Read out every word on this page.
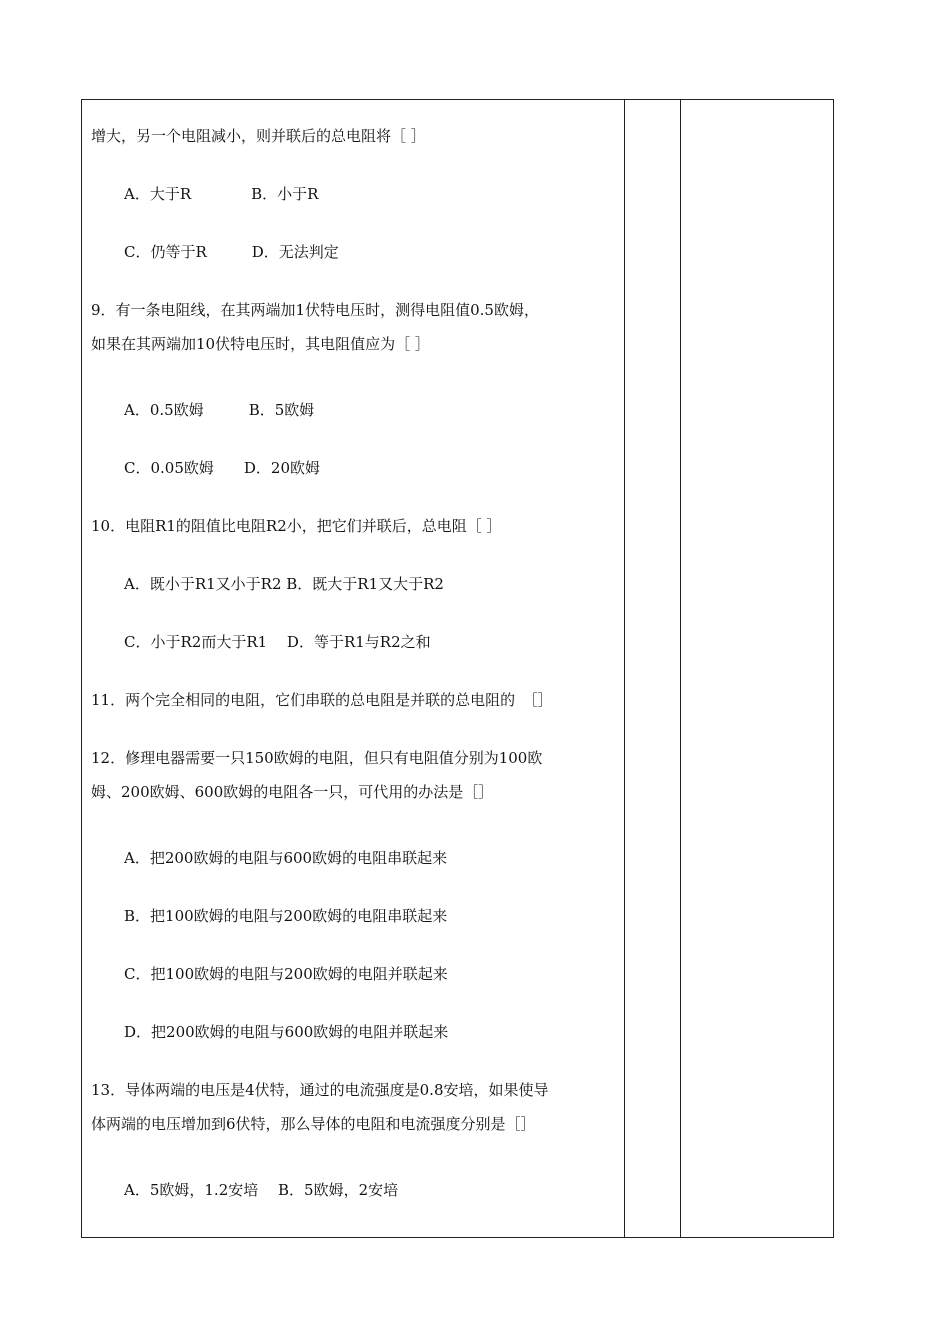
增大，另一个电阻减小，则并联后的总电阻将［ ］
A．大于R　　　　B．小于R
C．仍等于R　　　D．无法判定
9．有一条电阻线，在其两端加1伏特电压时，测得电阻值0.5欧姆，
如果在其两端加10伏特电压时，其电阻值应为［ ］
A．0.5欧姆　　　B．5欧姆
C．0.05欧姆　　D．20欧姆
10．电阻R1的阻值比电阻R2小，把它们并联后，总电阻［ ］
A．既小于R1又小于R2 B．既大于R1又大于R2
C．小于R2而大于R1　 D．等于R1与R2之和
11．两个完全相同的电阻，它们串联的总电阻是并联的总电阻的　［］
12．修理电器需要一只150欧姆的电阻，但只有电阻值分别为100欧
姆、200欧姆、600欧姆的电阻各一只，可代用的办法是［］
A．把200欧姆的电阻与600欧姆的电阻串联起来
B．把100欧姆的电阻与200欧姆的电阻串联起来
C．把100欧姆的电阻与200欧姆的电阻并联起来
D．把200欧姆的电阻与600欧姆的电阻并联起来
13．导体两端的电压是4伏特，通过的电流强度是0.8安培，如果使导
体两端的电压增加到6伏特，那么导体的电阻和电流强度分别是［］
A．5欧姆，1.2安培　 B．5欧姆，2安培
